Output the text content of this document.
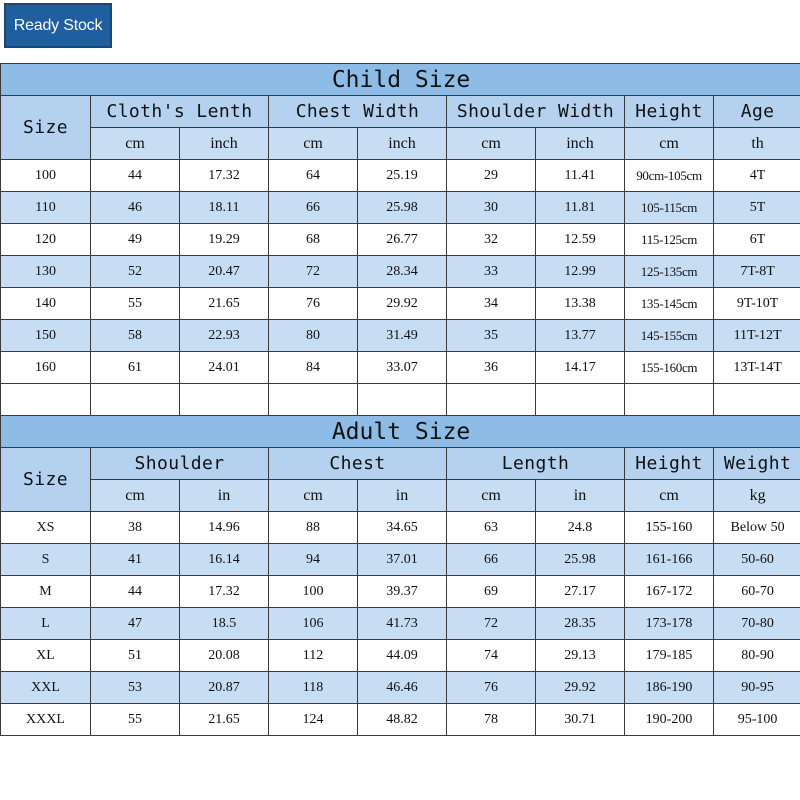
Ready Stock
Child Size								
Size	Cloth's Lenth		Chest Width		Shoulder Width		Height	Age
	cm	inch	cm	inch	cm	inch	cm	th
100	44	17.32	64	25.19	29	11.41	90cm-105cm	4T
110	46	18.11	66	25.98	30	11.81	105-115cm	5T
120	49	19.29	68	26.77	32	12.59	115-125cm	6T
130	52	20.47	72	28.34	33	12.99	125-135cm	7T-8T
140	55	21.65	76	29.92	34	13.38	135-145cm	9T-10T
150	58	22.93	80	31.49	35	13.77	145-155cm	11T-12T
160	61	24.01	84	33.07	36	14.17	155-160cm	13T-14T

Adult Size								
Size	Shoulder		Chest		Length		Height	Weight
	cm	in	cm	in	cm	in	cm	kg
XS	38	14.96	88	34.65	63	24.8	155-160	Below 50
S	41	16.14	94	37.01	66	25.98	161-166	50-60
M	44	17.32	100	39.37	69	27.17	167-172	60-70
L	47	18.5	106	41.73	72	28.35	173-178	70-80
XL	51	20.08	112	44.09	74	29.13	179-185	80-90
XXL	53	20.87	118	46.46	76	29.92	186-190	90-95
XXXL	55	21.65	124	48.82	78	30.71	190-200	95-100
